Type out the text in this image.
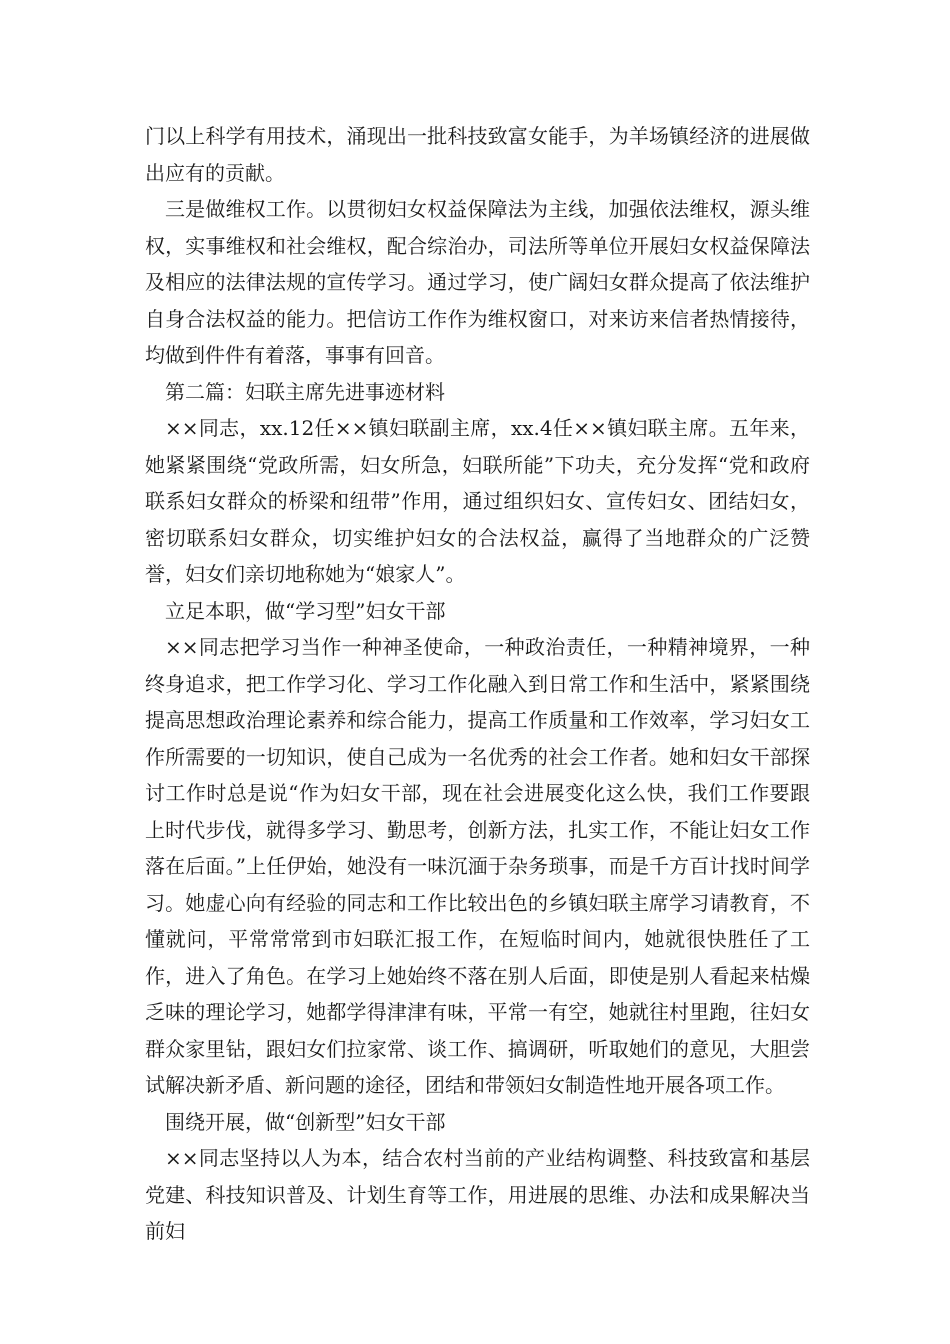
门以上科学有用技术，涌现出一批科技致富女能手，为羊场镇经济的进展做出应有的贡献。

三是做维权工作。以贯彻妇女权益保障法为主线，加强依法维权，源头维权，实事维权和社会维权，配合综治办，司法所等单位开展妇女权益保障法及相应的法律法规的宣传学习。通过学习，使广阔妇女群众提高了依法维护自身合法权益的能力。把信访工作作为维权窗口，对来访来信者热情接待，均做到件件有着落，事事有回音。

第二篇：妇联主席先进事迹材料

××同志，xx.12任××镇妇联副主席，xx.4任××镇妇联主席。五年来，她紧紧围绕“党政所需，妇女所急，妇联所能”下功夫，充分发挥“党和政府联系妇女群众的桥梁和纽带”作用，通过组织妇女、宣传妇女、团结妇女，密切联系妇女群众，切实维护妇女的合法权益，赢得了当地群众的广泛赞誉，妇女们亲切地称她为“娘家人”。

立足本职，做“学习型”妇女干部

××同志把学习当作一种神圣使命，一种政治责任，一种精神境界，一种终身追求，把工作学习化、学习工作化融入到日常工作和生活中，紧紧围绕提高思想政治理论素养和综合能力，提高工作质量和工作效率，学习妇女工作所需要的一切知识，使自己成为一名优秀的社会工作者。她和妇女干部探讨工作时总是说“作为妇女干部，现在社会进展变化这么快，我们工作要跟上时代步伐，就得多学习、勤思考，创新方法，扎实工作，不能让妇女工作落在后面。”上任伊始，她没有一味沉湎于杂务琐事，而是千方百计找时间学习。她虚心向有经验的同志和工作比较出色的乡镇妇联主席学习请教育，不懂就问，平常常常到市妇联汇报工作，在短临时间内，她就很快胜任了工作，进入了角色。在学习上她始终不落在别人后面，即使是别人看起来枯燥乏味的理论学习，她都学得津津有味，平常一有空，她就往村里跑，往妇女群众家里钻，跟妇女们拉家常、谈工作、搞调研，听取她们的意见，大胆尝试解决新矛盾、新问题的途径，团结和带领妇女制造性地开展各项工作。

围绕开展，做“创新型”妇女干部

××同志坚持以人为本，结合农村当前的产业结构调整、科技致富和基层党建、科技知识普及、计划生育等工作，用进展的思维、办法和成果解决当前妇
